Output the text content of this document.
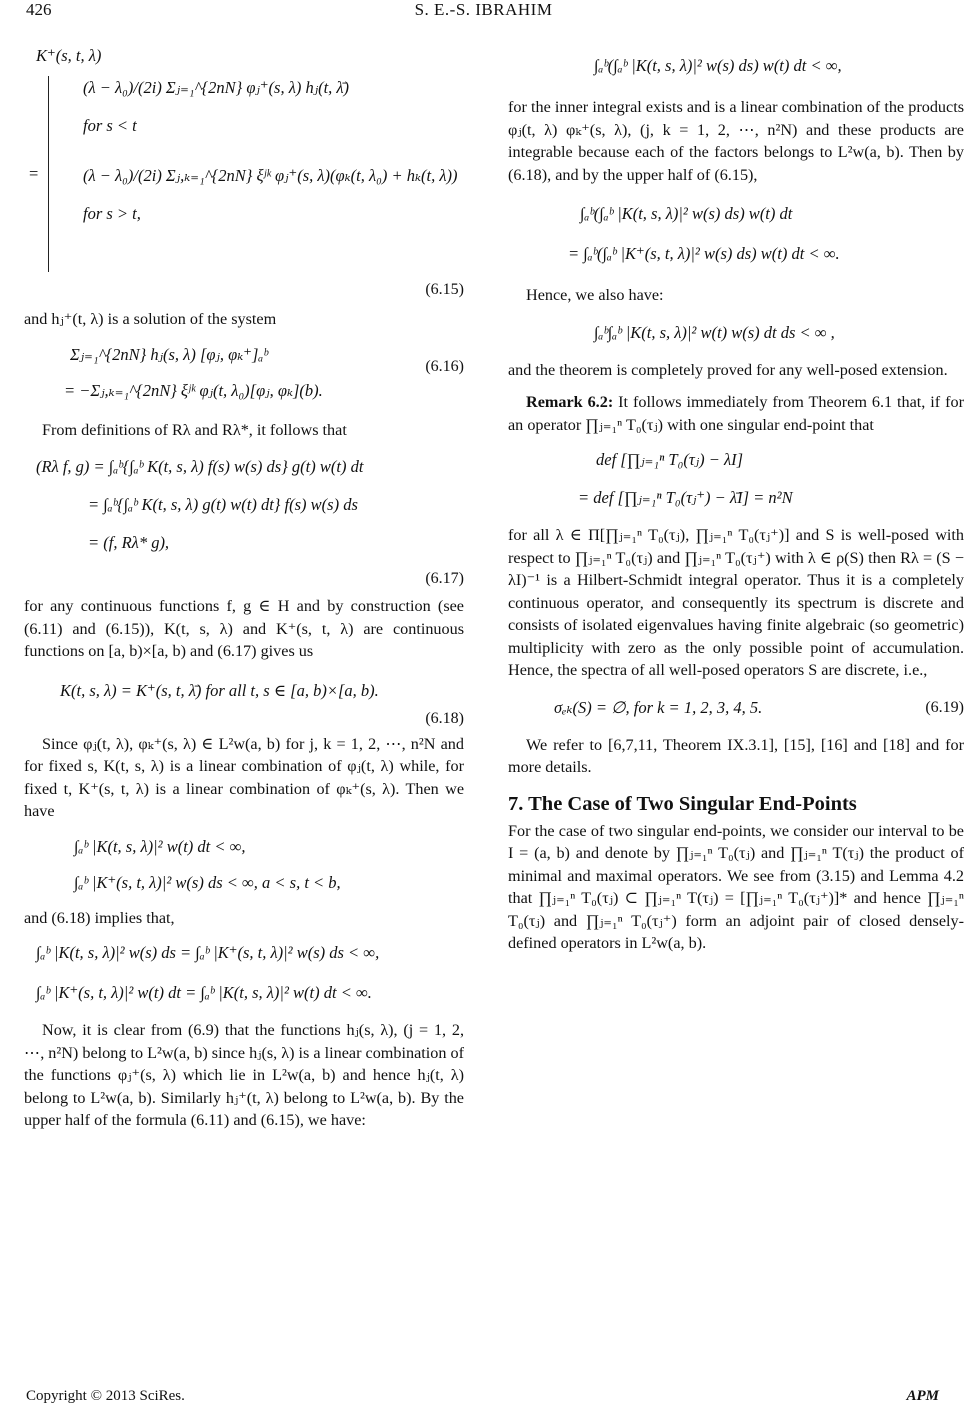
426	S. E.-S. IBRAHIM
K⁺(s, t, λ)
=
(λ − λ₀)/(2i) Σⱼ₌₁^{2nN} φⱼ⁺(s, λ) hⱼ(t, λ̄)
for s < t
(λ − λ₀)/(2i) Σⱼ,ₖ₌₁^{2nN} ξʲᵏ φⱼ⁺(s, λ)(φₖ(t, λ₀) + hₖ(t, λ))
for s > t,
(6.15)

and hⱼ⁺(t, λ) is a solution of the system

Σⱼ₌₁^{2nN} hⱼ(s, λ) [φⱼ, φₖ⁺]ₐᵇ
= −Σⱼ,ₖ₌₁^{2nN} ξʲᵏ φⱼ(t, λ₀)[φⱼ, φₖ](b).
(6.16)

From definitions of Rλ and Rλ*, it follows that

(Rλ f, g) = ∫ₐᵇ{∫ₐᵇ K(t, s, λ) f(s) w(s) ds} g(t) w(t) dt
= ∫ₐᵇ{∫ₐᵇ K(t, s, λ) g(t) w(t) dt} f(s) w(s) ds
= (f, Rλ* g),
(6.17)

for any continuous functions f, g ∈ H and by construction (see (6.11) and (6.15)), K(t, s, λ) and K⁺(s, t, λ) are continuous functions on [a, b)×[a, b) and (6.17) gives us

K(t, s, λ) = K⁺(s, t, λ̄) for all t, s ∈ [a, b)×[a, b).
(6.18)

Since φⱼ(t, λ), φₖ⁺(s, λ) ∈ L²w(a, b) for j, k = 1, 2, ⋯, n²N and for fixed s, K(t, s, λ) is a linear combination of φⱼ(t, λ) while, for fixed t, K⁺(s, t, λ) is a linear combination of φₖ⁺(s, λ). Then we have

∫ₐᵇ |K(t, s, λ)|² w(t) dt < ∞,
∫ₐᵇ |K⁺(s, t, λ)|² w(s) ds < ∞, a < s, t < b,

and (6.18) implies that,

∫ₐᵇ |K(t, s, λ)|² w(s) ds = ∫ₐᵇ |K⁺(s, t, λ)|² w(s) ds < ∞,
∫ₐᵇ |K⁺(s, t, λ)|² w(t) dt = ∫ₐᵇ |K(t, s, λ)|² w(t) dt < ∞.

Now, it is clear from (6.9) that the functions hⱼ(s, λ), (j = 1, 2, ⋯, n²N) belong to L²w(a, b) since hⱼ(s, λ) is a linear combination of the functions φⱼ⁺(s, λ) which lie in L²w(a, b) and hence hⱼ(t, λ) belong to L²w(a, b). Similarly hⱼ⁺(t, λ) belong to L²w(a, b). By the upper half of the formula (6.11) and (6.15), we have:

∫ₐᵇ(∫ₐᵇ |K(t, s, λ)|² w(s) ds) w(t) dt < ∞,

for the inner integral exists and is a linear combination of the products φⱼ(t, λ) φₖ⁺(s, λ), (j, k = 1, 2, ⋯, n²N) and these products are integrable because each of the factors belongs to L²w(a, b). Then by (6.18), and by the upper half of (6.15),

∫ₐᵇ(∫ₐᵇ |K(t, s, λ)|² w(s) ds) w(t) dt
= ∫ₐᵇ(∫ₐᵇ |K⁺(s, t, λ)|² w(s) ds) w(t) dt < ∞.

Hence, we also have:

∫ₐᵇ∫ₐᵇ |K(t, s, λ)|² w(t) w(s) dt ds < ∞ ,

and the theorem is completely proved for any well-posed extension.

Remark 6.2: It follows immediately from Theorem 6.1 that, if for an operator ∏ⱼ₌₁ⁿ T₀(τⱼ) with one singular end-point that

def [∏ⱼ₌₁ⁿ T₀(τⱼ) − λI]
= def [∏ⱼ₌₁ⁿ T₀(τⱼ⁺) − λ̄I] = n²N

for all λ ∈ Π[∏ⱼ₌₁ⁿ T₀(τⱼ), ∏ⱼ₌₁ⁿ T₀(τⱼ⁺)] and S is well-posed with respect to ∏ⱼ₌₁ⁿ T₀(τⱼ) and ∏ⱼ₌₁ⁿ T₀(τⱼ⁺) with λ ∈ ρ(S) then Rλ = (S − λI)⁻¹ is a Hilbert-Schmidt integral operator. Thus it is a completely continuous operator, and consequently its spectrum is discrete and consists of isolated eigenvalues having finite algebraic (so geometric) multiplicity with zero as the only possible point of accumulation. Hence, the spectra of all well-posed operators S are discrete, i.e.,

σₑₖ(S) = ∅, for k = 1, 2, 3, 4, 5.	(6.19)

We refer to [6,7,11, Theorem IX.3.1], [15], [16] and [18] and for more details.

7. The Case of Two Singular End-Points

For the case of two singular end-points, we consider our interval to be I = (a, b) and denote by ∏ⱼ₌₁ⁿ T₀(τⱼ) and ∏ⱼ₌₁ⁿ T(τⱼ) the product of minimal and maximal operators. We see from (3.15) and Lemma 4.2 that ∏ⱼ₌₁ⁿ T₀(τⱼ) ⊂ ∏ⱼ₌₁ⁿ T(τⱼ) = [∏ⱼ₌₁ⁿ T₀(τⱼ⁺)]* and hence ∏ⱼ₌₁ⁿ T₀(τⱼ) and ∏ⱼ₌₁ⁿ T₀(τⱼ⁺) form an adjoint pair of closed densely-defined operators in L²w(a, b).

Copyright © 2013 SciRes.	APM
